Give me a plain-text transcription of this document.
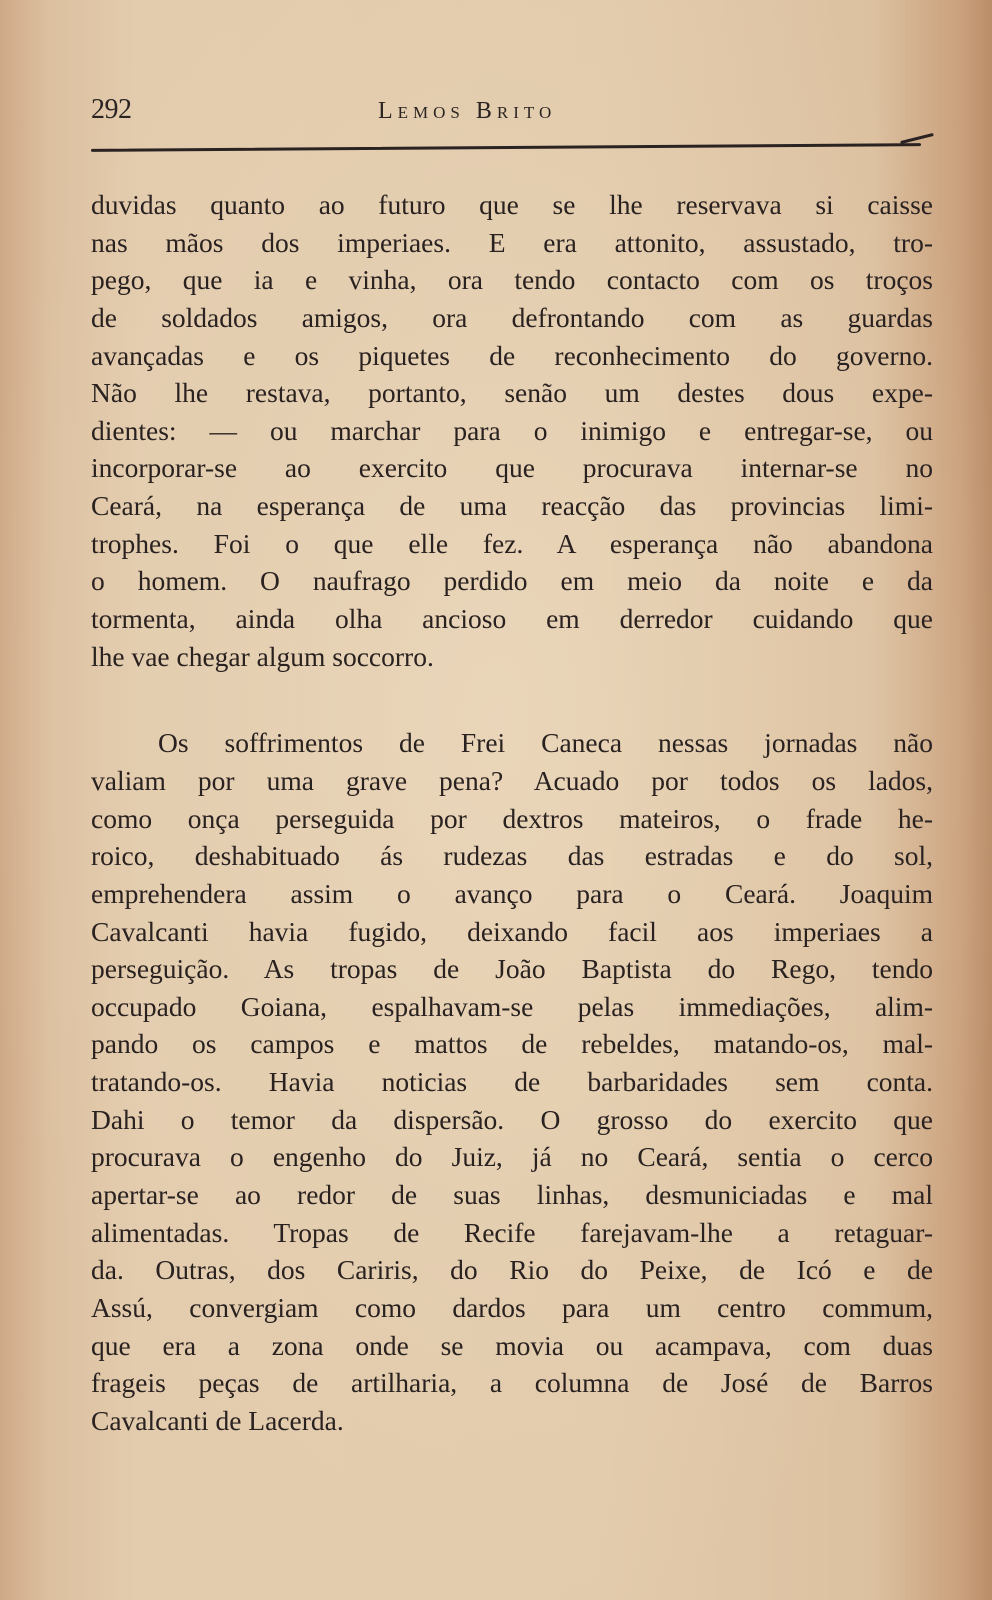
292	Lemos Brito
duvidas quanto ao futuro que se lhe reservava si caisse
nas mãos dos imperiaes. E era attonito, assustado, tro-
pego, que ia e vinha, ora tendo contacto com os troços
de soldados amigos, ora defrontando com as guardas
avançadas e os piquetes de reconhecimento do governo.
Não lhe restava, portanto, senão um destes dous expe-
dientes: — ou marchar para o inimigo e entregar-se, ou
incorporar-se ao exercito que procurava internar-se no
Ceará, na esperança de uma reacção das provincias limi-
trophes. Foi o que elle fez. A esperança não abandona
o homem. O naufrago perdido em meio da noite e da
tormenta, ainda olha ancioso em derredor cuidando que
lhe vae chegar algum soccorro.
Os soffrimentos de Frei Caneca nessas jornadas não
valiam por uma grave pena? Acuado por todos os lados,
como onça perseguida por dextros mateiros, o frade he-
roico, deshabituado ás rudezas das estradas e do sol,
emprehendera assim o avanço para o Ceará. Joaquim
Cavalcanti havia fugido, deixando facil aos imperiaes a
perseguição. As tropas de João Baptista do Rego, tendo
occupado Goiana, espalhavam-se pelas immediações, alim-
pando os campos e mattos de rebeldes, matando-os, mal-
tratando-os. Havia noticias de barbaridades sem conta.
Dahi o temor da dispersão. O grosso do exercito que
procurava o engenho do Juiz, já no Ceará, sentia o cerco
apertar-se ao redor de suas linhas, desmuniciadas e mal
alimentadas. Tropas de Recife farejavam-lhe a retaguar-
da. Outras, dos Cariris, do Rio do Peixe, de Icó e de
Assú, convergiam como dardos para um centro commum,
que era a zona onde se movia ou acampava, com duas
frageis peças de artilharia, a columna de José de Barros
Cavalcanti de Lacerda.
